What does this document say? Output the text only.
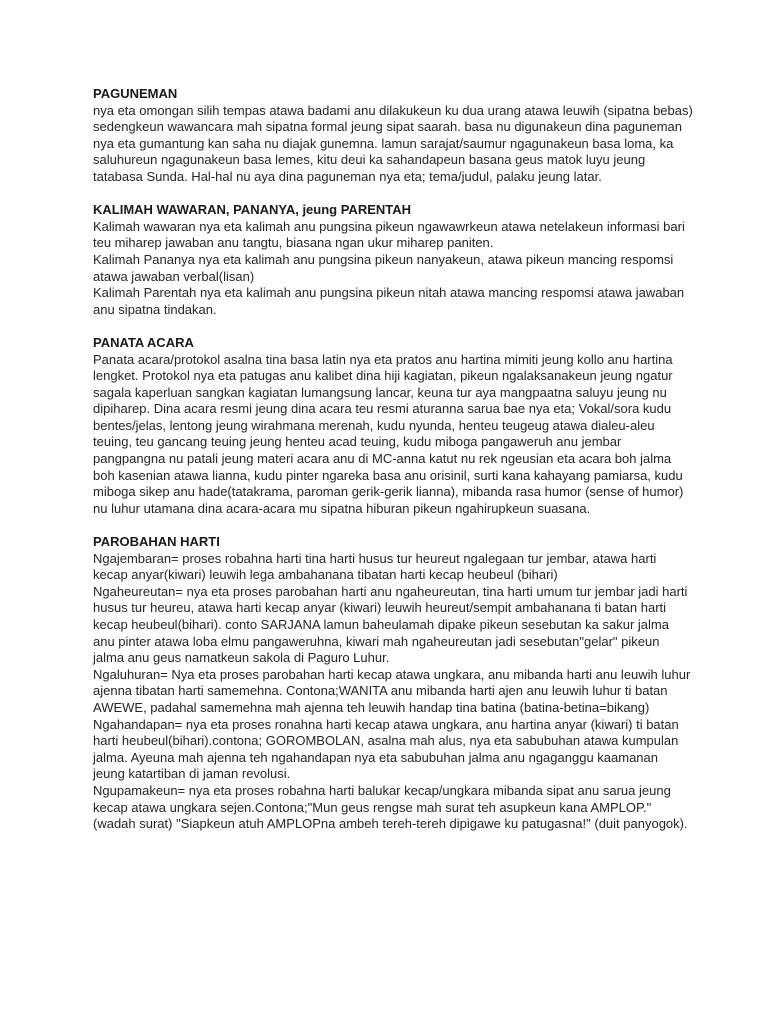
PAGUNEMAN

nya eta omongan silih tempas atawa badami anu dilakukeun ku dua urang atawa leuwih (sipatna bebas) sedengkeun wawancara mah sipatna formal jeung sipat saarah. basa nu digunakeun dina paguneman nya eta gumantung kan saha nu diajak gunemna. lamun sarajat/saumur ngagunakeun basa loma, ka saluhureun ngagunakeun basa lemes, kitu deui ka sahandapeun basana geus matok luyu jeung tatabasa Sunda. Hal-hal nu aya dina paguneman nya eta; tema/judul, palaku jeung latar.

KALIMAH WAWARAN, PANANYA, jeung PARENTAH

Kalimah wawaran nya eta kalimah anu pungsina pikeun ngawawrkeun atawa netelakeun informasi bari teu miharep jawaban anu tangtu, biasana ngan ukur miharep paniten.

Kalimah Pananya nya eta kalimah anu pungsina pikeun nanyakeun, atawa pikeun mancing respomsi atawa jawaban verbal(lisan)

Kalimah Parentah nya eta kalimah anu pungsina pikeun nitah atawa mancing respomsi atawa jawaban anu sipatna tindakan.

PANATA ACARA

Panata acara/protokol asalna tina basa latin nya eta pratos anu hartina mimiti jeung kollo anu hartina lengket. Protokol nya eta patugas anu kalibet dina hiji kagiatan, pikeun ngalaksanakeun jeung ngatur sagala kaperluan sangkan kagiatan lumangsung lancar, keuna tur aya mangpaatna saluyu jeung nu dipiharep. Dina acara resmi jeung dina acara teu resmi aturanna sarua bae nya eta; Vokal/sora kudu bentes/jelas, lentong jeung wirahmana merenah, kudu nyunda, henteu teugeug atawa dialeu-aleu teuing, teu gancang teuing jeung henteu acad teuing, kudu miboga pangaweruh anu jembar pangpangna nu patali jeung materi acara anu di MC-anna katut nu rek ngeusian eta acara boh jalma boh kasenian atawa lianna, kudu pinter ngareka basa anu orisinil, surti kana kahayang pamiarsa, kudu miboga sikep anu hade(tatakrama, paroman gerik-gerik lianna), mibanda rasa humor (sense of humor) nu luhur utamana dina acara-acara mu sipatna hiburan pikeun ngahirupkeun suasana.

PAROBAHAN HARTI

Ngajembaran= proses robahna harti tina harti husus tur heureut ngalegaan tur jembar, atawa harti kecap anyar(kiwari) leuwih lega ambahanana tibatan harti kecap heubeul (bihari)

Ngaheureutan= nya eta proses parobahan harti anu ngaheureutan, tina harti umum tur jembar jadi harti husus tur heureu, atawa harti kecap anyar (kiwari) leuwih heureut/sempit ambahanana ti batan harti kecap heubeul(bihari). conto SARJANA lamun baheulamah dipake pikeun sesebutan ka sakur jalma anu pinter atawa loba elmu pangaweruhna, kiwari mah ngaheureutan jadi sesebutan"gelar" pikeun jalma anu geus namatkeun sakola di Paguro Luhur.

Ngaluhuran= Nya eta proses parobahan harti kecap atawa ungkara, anu mibanda harti anu leuwih luhur ajenna tibatan harti samemehna. Contona;WANITA anu mibanda harti ajen anu leuwih luhur ti batan AWEWE, padahal samemehna mah ajenna teh leuwih handap tina batina (batina-betina=bikang)

Ngahandapan= nya eta proses ronahna harti kecap atawa ungkara, anu hartina anyar (kiwari) ti batan harti heubeul(bihari).contona; GOROMBOLAN, asalna mah alus, nya eta sabubuhan atawa kumpulan jalma. Ayeuna mah ajenna teh ngahandapan nya eta sabubuhan jalma anu ngaganggu kaamanan jeung katartiban di jaman revolusi.

Ngupamakeun= nya eta proses robahna harti balukar kecap/ungkara mibanda sipat anu sarua jeung kecap atawa ungkara sejen.Contona;"Mun geus rengse mah surat teh asupkeun kana AMPLOP."(wadah surat) "Siapkeun atuh AMPLOPna ambeh tereh-tereh dipigawe ku patugasna!" (duit panyogok).
